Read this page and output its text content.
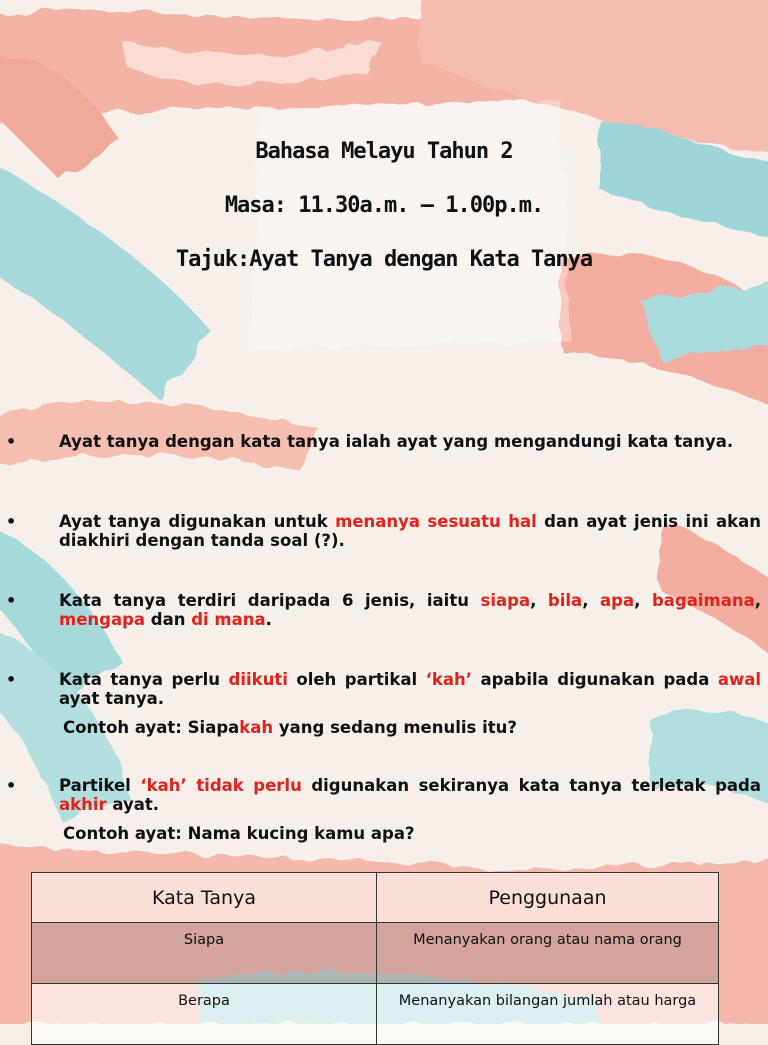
Bahasa Melayu Tahun 2

Masa: 11.30a.m. – 1.00p.m.

Tajuk:Ayat Tanya dengan Kata Tanya

•	Ayat tanya dengan kata tanya ialah ayat yang mengandungi kata tanya.
•	Ayat tanya digunakan untuk menanya sesuatu hal dan ayat jenis ini akan diakhiri dengan tanda soal (?).
•	Kata tanya terdiri daripada 6 jenis, iaitu siapa, bila, apa, bagaimana, mengapa dan di mana.
•	Kata tanya perlu diikuti oleh partikal ‘kah’ apabila digunakan pada awal ayat tanya.
Contoh ayat: Siapakah yang sedang menulis itu?
•	Partikel ‘kah’ tidak perlu digunakan sekiranya kata tanya terletak pada akhir ayat.
Contoh ayat: Nama kucing kamu apa?
Kata Tanya	Penggunaan
Siapa	Menanyakan orang atau nama orang
Berapa	Menanyakan bilangan jumlah atau harga
